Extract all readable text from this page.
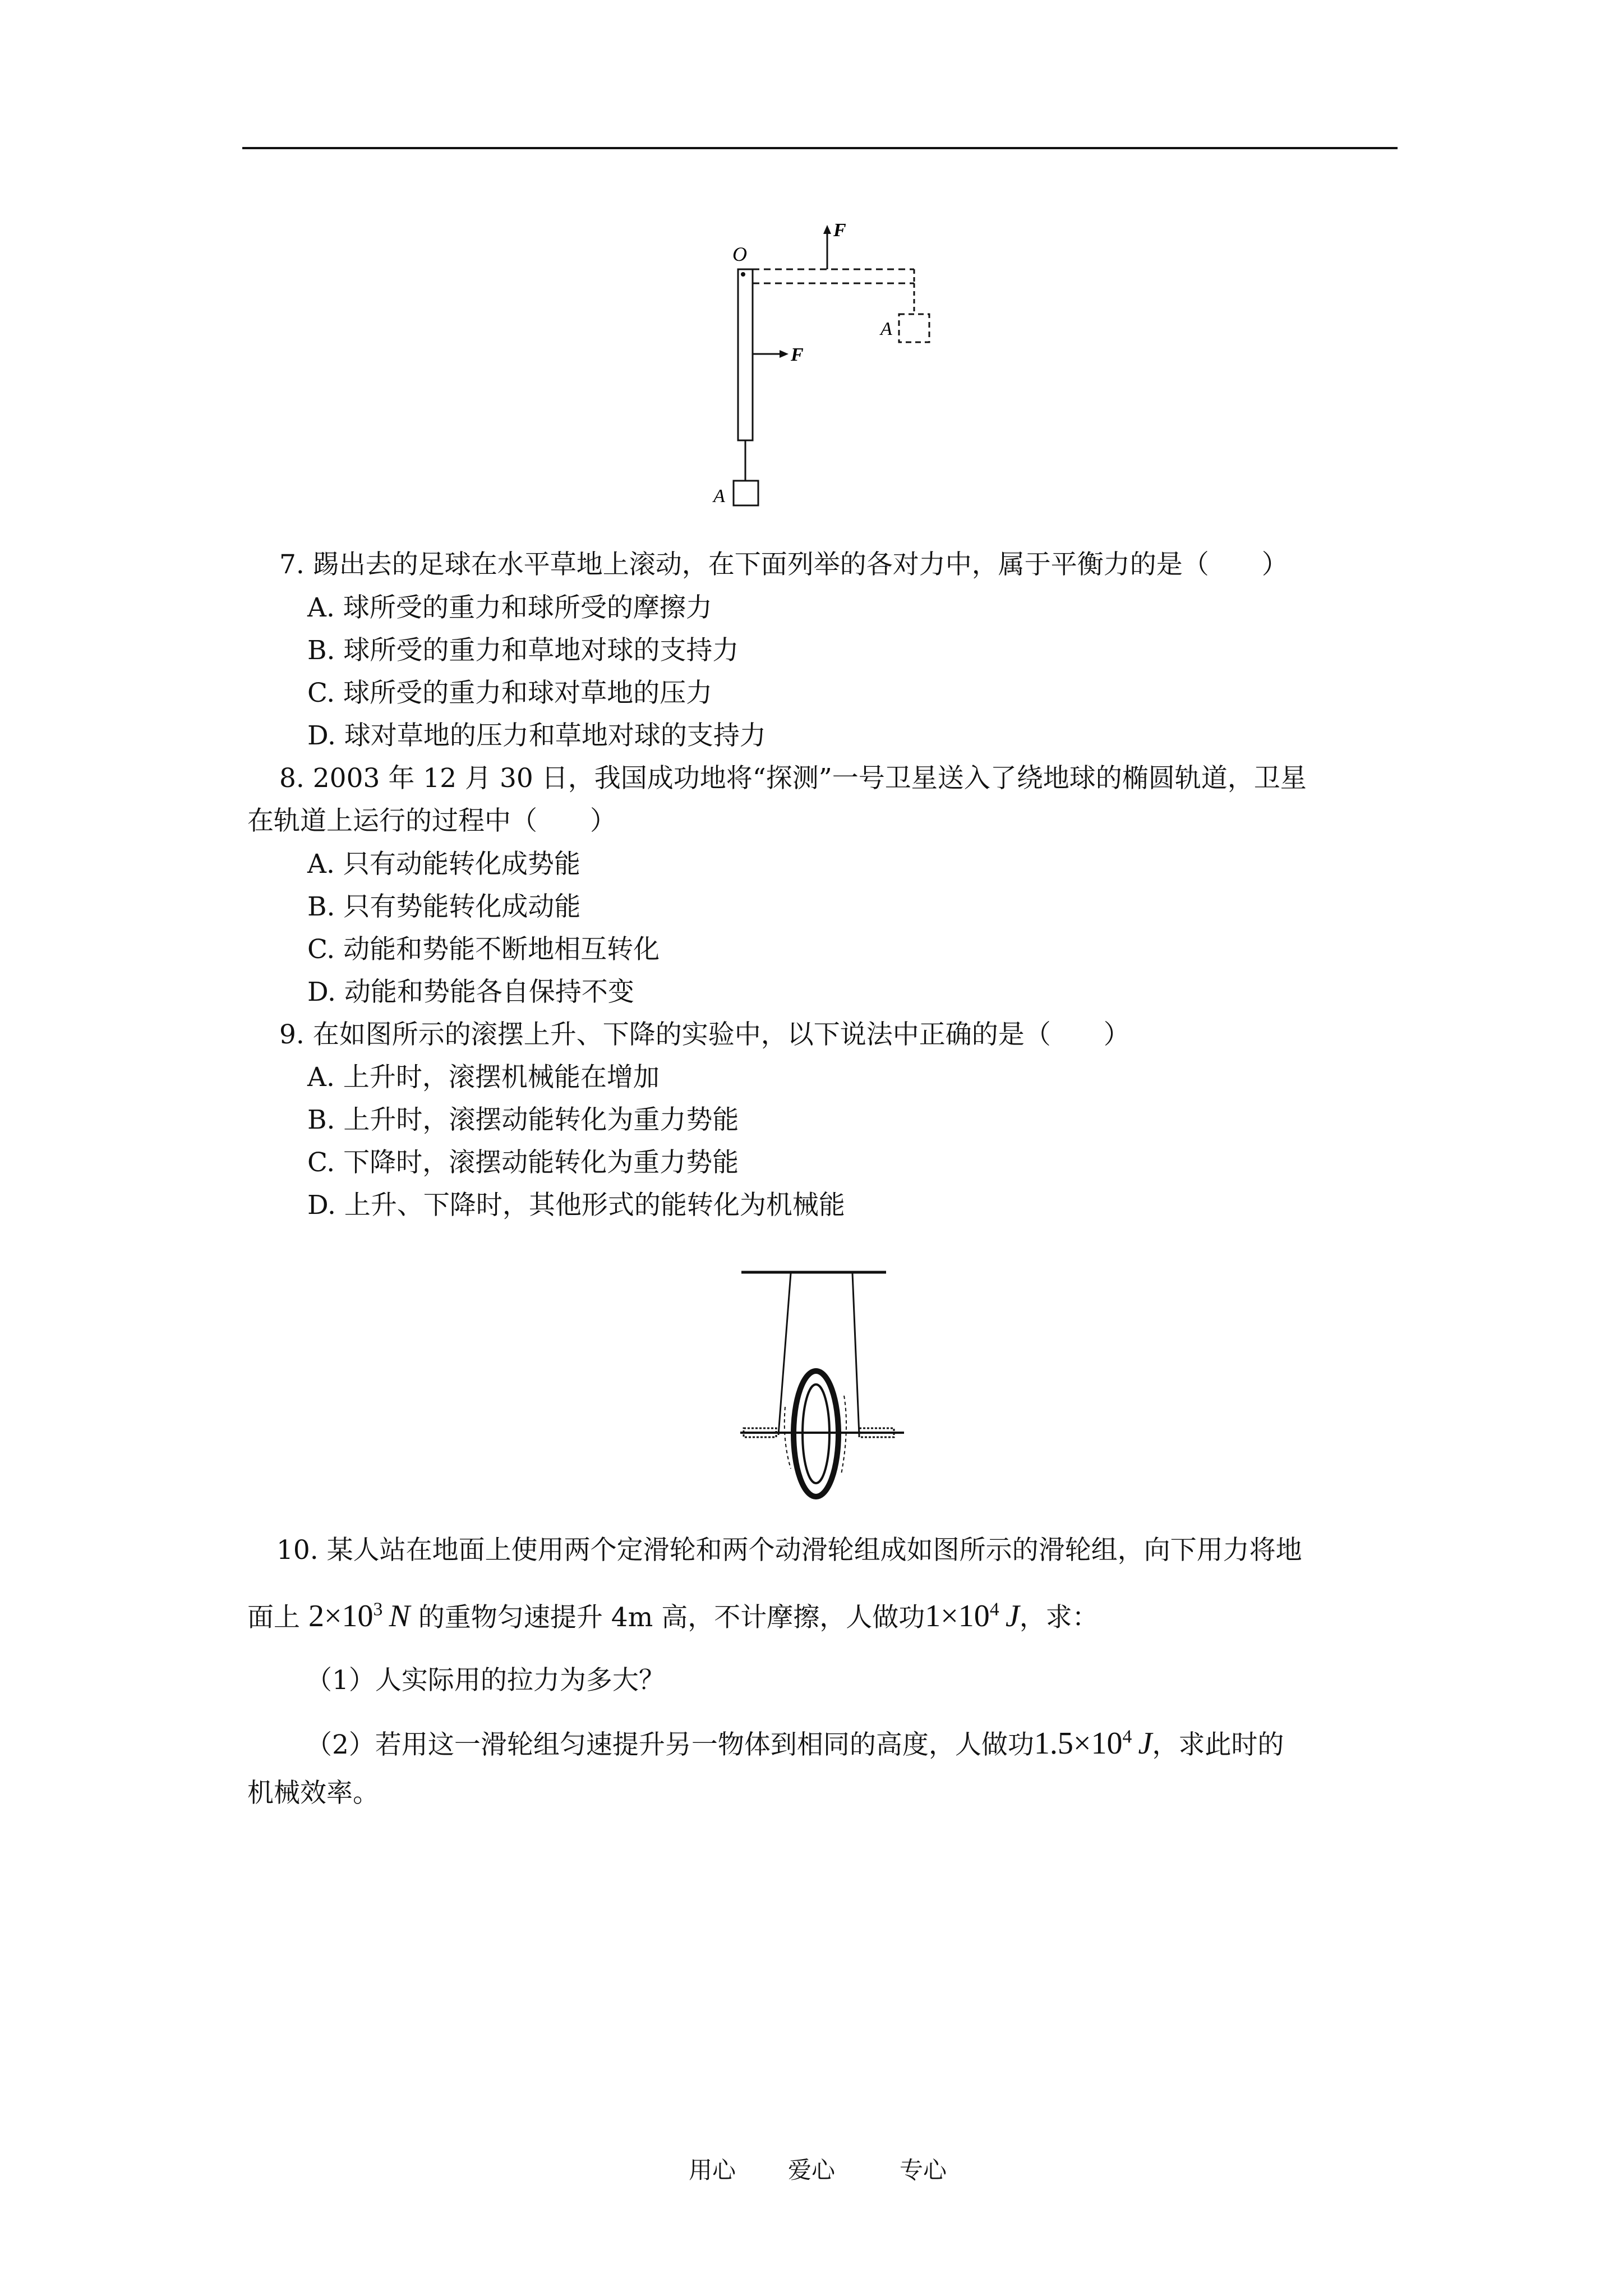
O
F
F
A
A
7. 踢出去的足球在水平草地上滚动，在下面列举的各对力中，属于平衡力的是（　　）
A. 球所受的重力和球所受的摩擦力
B. 球所受的重力和草地对球的支持力
C. 球所受的重力和球对草地的压力
D. 球对草地的压力和草地对球的支持力
8. 2003 年 12 月 30 日，我国成功地将“探测”一号卫星送入了绕地球的椭圆轨道，卫星
在轨道上运行的过程中（　　）
A. 只有动能转化成势能
B. 只有势能转化成动能
C. 动能和势能不断地相互转化
D. 动能和势能各自保持不变
9. 在如图所示的滚摆上升、下降的实验中，以下说法中正确的是（　　）
A. 上升时，滚摆机械能在增加
B. 上升时，滚摆动能转化为重力势能
C. 下降时，滚摆动能转化为重力势能
D. 上升、下降时，其他形式的能转化为机械能
10. 某人站在地面上使用两个定滑轮和两个动滑轮组成如图所示的滑轮组，向下用力将地
面上 $2\times 10^3$  N 的重物匀速提升 4m 高，不计摩擦，人做功$1\times 10^4$  J，求：
（1）人实际用的拉力为多大？
（2）若用这一滑轮组匀速提升另一物体到相同的高度，人做功$1.5\times 10^4$  J，求此时的
机械效率。
用心 爱心	专心
